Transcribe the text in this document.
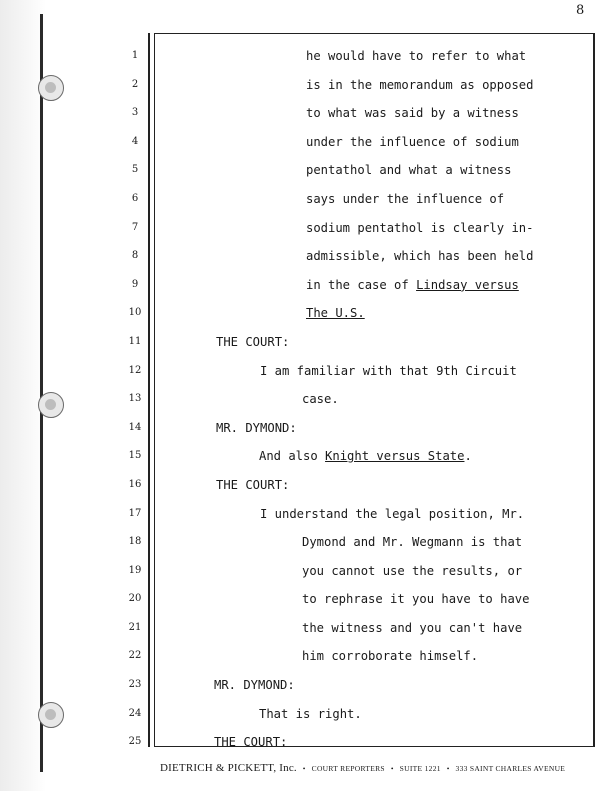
8
1
2
3
4
5
6
7
8
9
10
11
12
13
14
15
16
17
18
19
20
21
22
23
24
25
he would have to refer to what
is in the memorandum as opposed
to what was said by a witness
under the influence of sodium
pentathol and what a witness
says under the influence of
sodium pentathol is clearly in-
admissible, which has been held
in the case of Lindsay versus
The U.S.
THE COURT:
I am familiar with that 9th Circuit
case.
MR. DYMOND:
And also Knight versus State.
THE COURT:
I understand the legal position, Mr.
Dymond and Mr. Wegmann is that
you cannot use the results, or
to rephrase it you have to have
the witness and you can't have
him corroborate himself.
MR. DYMOND:
That is right.
THE COURT:
DIETRICH & PICKETT, Inc. • COURT REPORTERS • SUITE 1221 • 333 SAINT CHARLES AVENUE
